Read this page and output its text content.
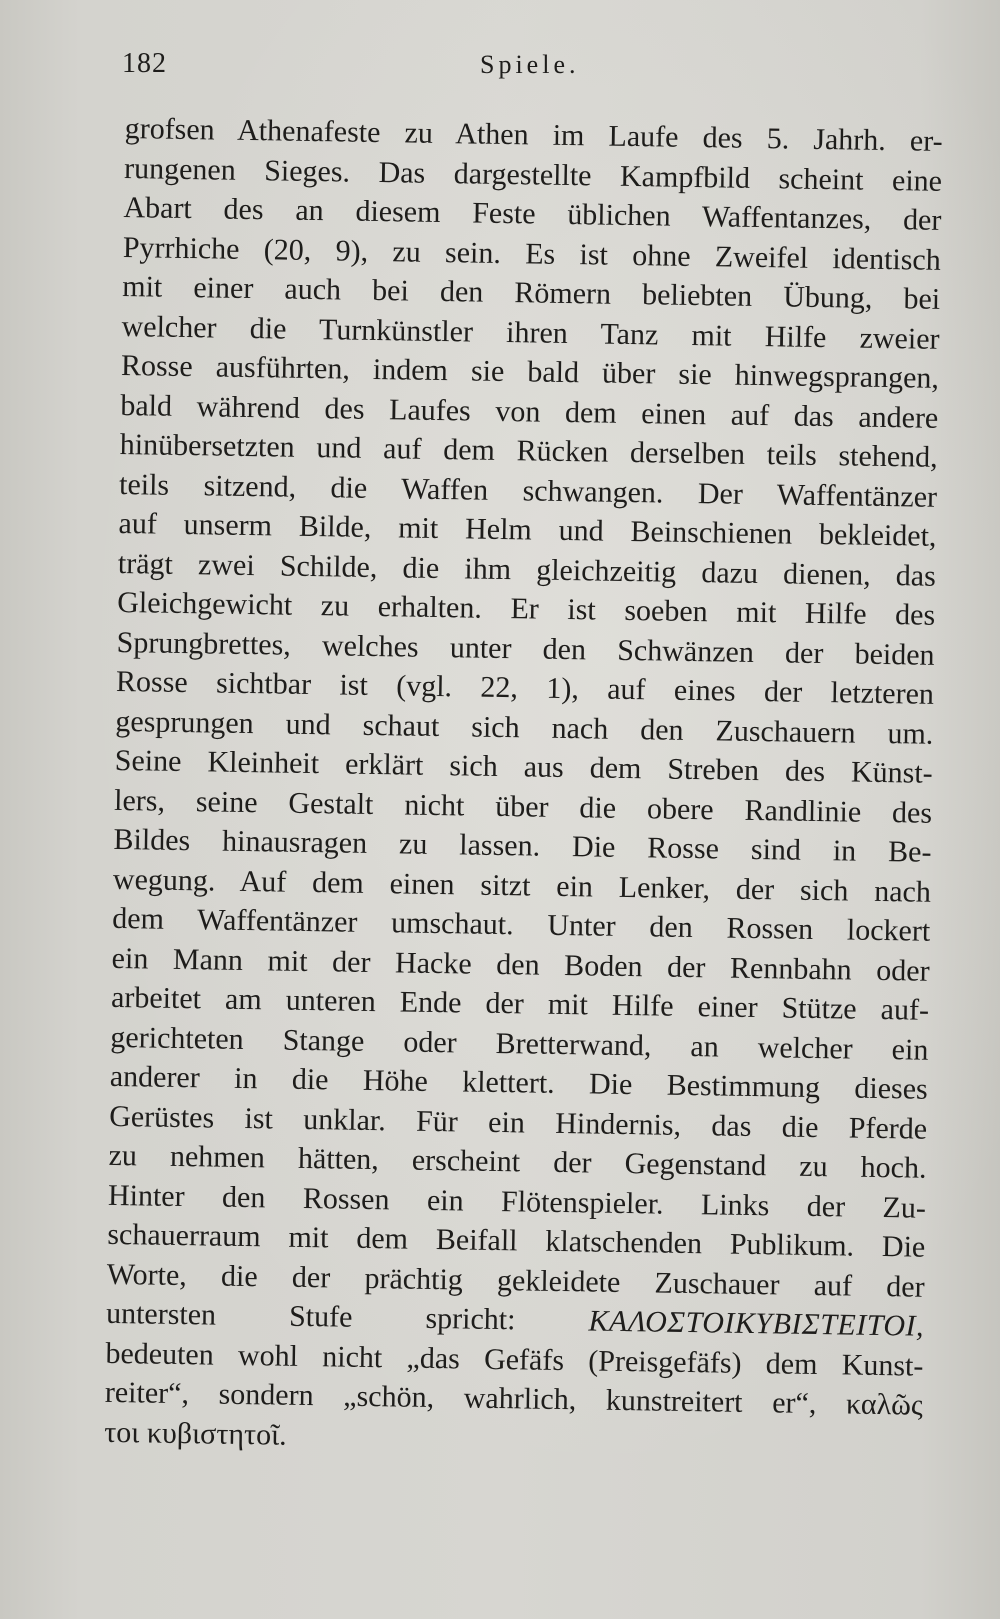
182	Spiele.
grofsen Athenafeste zu Athen im Laufe des 5. Jahrh. er-
rungenen Sieges. Das dargestellte Kampfbild scheint eine
Abart des an diesem Feste üblichen Waffentanzes, der
Pyrrhiche (20, 9), zu sein. Es ist ohne Zweifel identisch
mit einer auch bei den Römern beliebten Übung, bei
welcher die Turnkünstler ihren Tanz mit Hilfe zweier
Rosse ausführten, indem sie bald über sie hinwegsprangen,
bald während des Laufes von dem einen auf das andere
hinübersetzten und auf dem Rücken derselben teils stehend,
teils sitzend, die Waffen schwangen. Der Waffentänzer
auf unserm Bilde, mit Helm und Beinschienen bekleidet,
trägt zwei Schilde, die ihm gleichzeitig dazu dienen, das
Gleichgewicht zu erhalten. Er ist soeben mit Hilfe des
Sprungbrettes, welches unter den Schwänzen der beiden
Rosse sichtbar ist (vgl. 22, 1), auf eines der letzteren
gesprungen und schaut sich nach den Zuschauern um.
Seine Kleinheit erklärt sich aus dem Streben des Künst-
lers, seine Gestalt nicht über die obere Randlinie des
Bildes hinausragen zu lassen. Die Rosse sind in Be-
wegung. Auf dem einen sitzt ein Lenker, der sich nach
dem Waffentänzer umschaut. Unter den Rossen lockert
ein Mann mit der Hacke den Boden der Rennbahn oder
arbeitet am unteren Ende der mit Hilfe einer Stütze auf-
gerichteten Stange oder Bretterwand, an welcher ein
anderer in die Höhe klettert. Die Bestimmung dieses
Gerüstes ist unklar. Für ein Hindernis, das die Pferde
zu nehmen hätten, erscheint der Gegenstand zu hoch.
Hinter den Rossen ein Flötenspieler. Links der Zu-
schauerraum mit dem Beifall klatschenden Publikum. Die
Worte, die der prächtig gekleidete Zuschauer auf der
untersten Stufe spricht: ΚΑΛΟΣΤΟΙΚΥΒΙΣΤΕΙΤΟΙ,
bedeuten wohl nicht „das Gefäfs (Preisgefäfs) dem Kunst-
reiter“, sondern „schön, wahrlich, kunstreitert er“, καλῶς
τοι κυβιστητοῖ.
